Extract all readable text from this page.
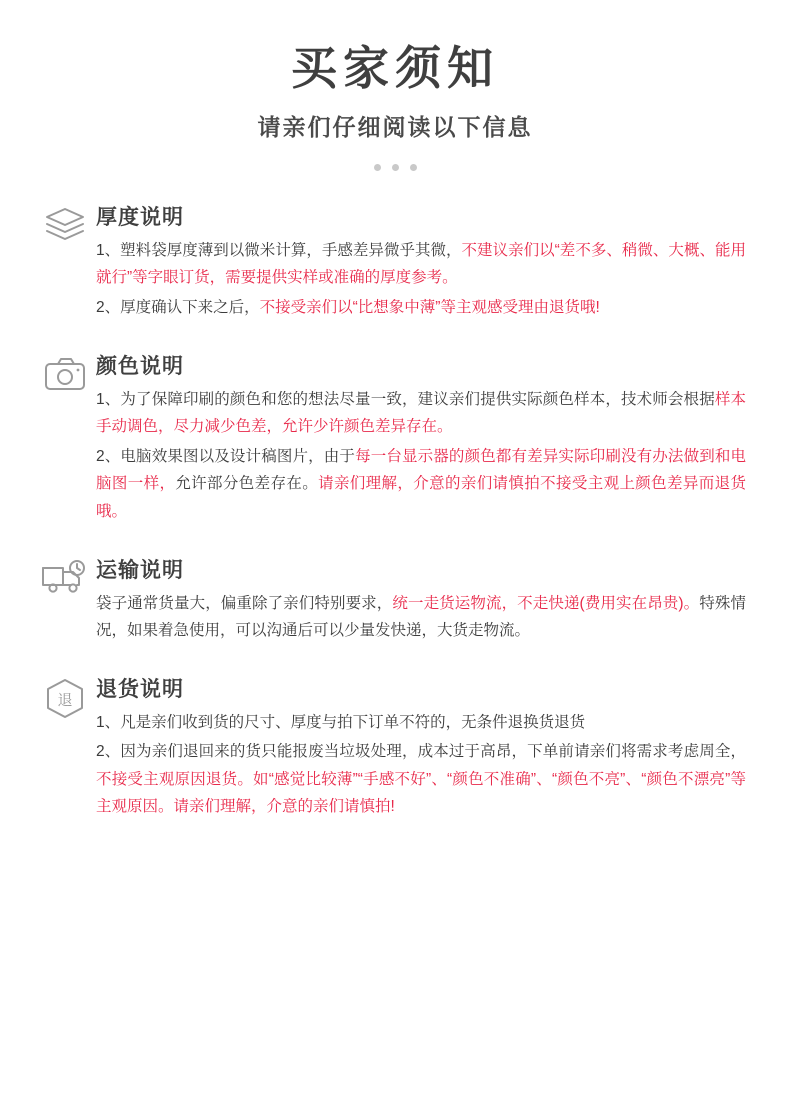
买家须知
请亲们仔细阅读以下信息
厚度说明

1、塑料袋厚度薄到以微米计算，手感差异微乎其微，不建议亲们以“差不多、稍微、大概、能用就行”等字眼订货，需要提供实样或准确的厚度参考。

2、厚度确认下来之后，不接受亲们以“比想象中薄”等主观感受理由退货哦!

颜色说明

1、为了保障印刷的颜色和您的想法尽量一致，建议亲们提供实际颜色样本，技术师会根据样本手动调色，尽力减少色差，允许少许颜色差异存在。

2、电脑效果图以及设计稿图片，由于每一台显示器的颜色都有差异实际印刷没有办法做到和电脑图一样，允许部分色差存在。请亲们理解，介意的亲们请慎拍不接受主观上颜色差异而退货哦。

运输说明

袋子通常货量大，偏重除了亲们特别要求，统一走货运物流，不走快递(费用实在昂贵)。特殊情况，如果着急使用，可以沟通后可以少量发快递，大货走物流。

退 退货说明

1、凡是亲们收到货的尺寸、厚度与拍下订单不符的，无条件退换货退货

2、因为亲们退回来的货只能报废当垃圾处理，成本过于高昂，下单前请亲们将需求考虑周全，不接受主观原因退货。如“感觉比较薄”“手感不好”、“颜色不准确”、“颜色不亮”、“颜色不漂亮”等主观原因。请亲们理解，介意的亲们请慎拍!
